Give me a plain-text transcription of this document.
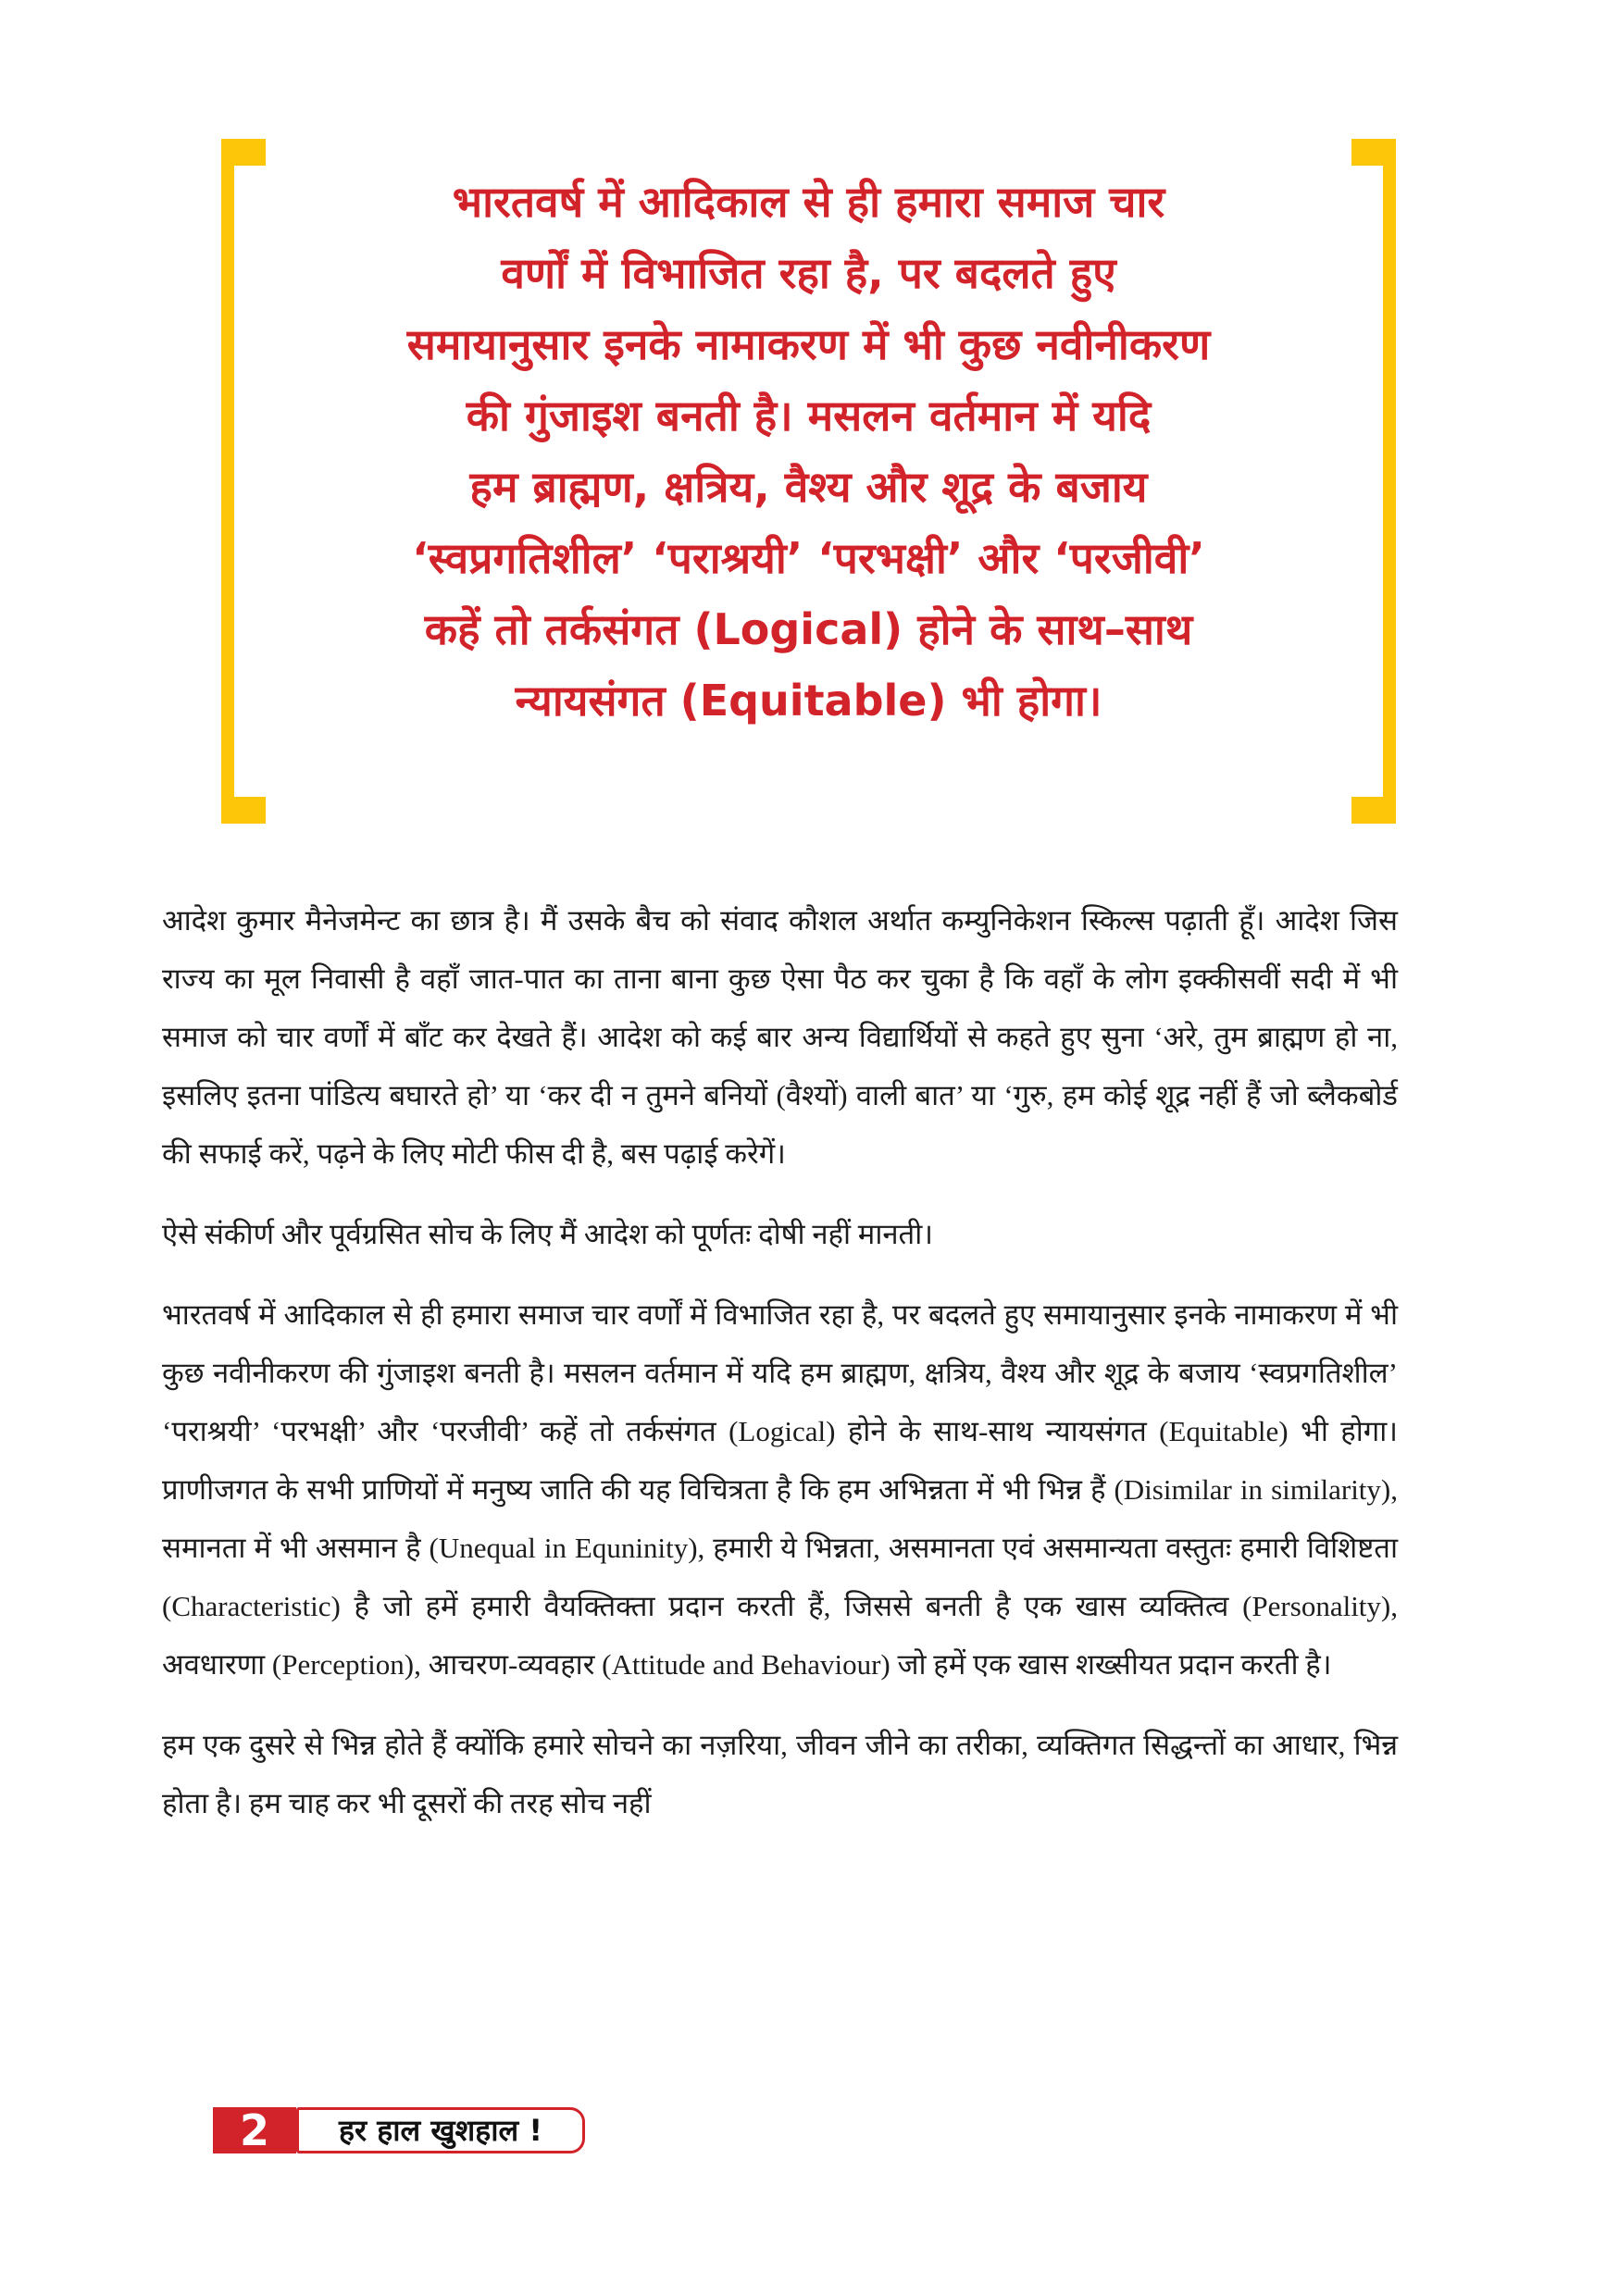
भारतवर्ष में आदिकाल से ही हमारा समाज चार
वर्णों में विभाजित रहा है, पर बदलते हुए
समायानुसार इनके नामाकरण में भी कुछ नवीनीकरण
की गुंजाइश बनती है। मसलन वर्तमान में यदि
हम ब्राह्मण, क्षत्रिय, वैश्य और शूद्र के बजाय
‘स्वप्रगतिशील’ ‘पराश्रयी’ ‘परभक्षी’ और ‘परजीवी’
कहें तो तर्कसंगत (Logical) होने के साथ–साथ
न्यायसंगत (Equitable) भी होगा।

आदेश कुमार मैनेजमेन्ट का छात्र है। मैं उसके बैच को संवाद कौशल अर्थात कम्युनिकेशन स्किल्स पढ़ाती हूँ। आदेश जिस राज्य का मूल निवासी है वहाँ जात-पात का ताना बाना कुछ ऐसा पैठ कर चुका है कि वहाँ के लोग इक्कीसवीं सदी में भी समाज को चार वर्णों में बाँट कर देखते हैं। आदेश को कई बार अन्य विद्यार्थियों से कहते हुए सुना ‘अरे, तुम ब्राह्मण हो ना, इसलिए इतना पांडित्य बघारते हो’ या ‘कर दी न तुमने बनियों (वैश्यों) वाली बात’ या ‘गुरु, हम कोई शूद्र नहीं हैं जो ब्लैकबोर्ड की सफाई करें, पढ़ने के लिए मोटी फीस दी है, बस पढ़ाई करेगें।

ऐसे संकीर्ण और पूर्वग्रसित सोच के लिए मैं आदेश को पूर्णतः दोषी नहीं मानती।

भारतवर्ष में आदिकाल से ही हमारा समाज चार वर्णों में विभाजित रहा है, पर बदलते हुए समायानुसार इनके नामाकरण में भी कुछ नवीनीकरण की गुंजाइश बनती है। मसलन वर्तमान में यदि हम ब्राह्मण, क्षत्रिय, वैश्य और शूद्र के बजाय ‘स्वप्रगतिशील’ ‘पराश्रयी’ ‘परभक्षी’ और ‘परजीवी’ कहें तो तर्कसंगत (Logical) होने के साथ-साथ न्यायसंगत (Equitable) भी होगा। प्राणीजगत के सभी प्राणियों में मनुष्य जाति की यह विचित्रता है कि हम अभिन्नता में भी भिन्न हैं (Disimilar in similarity), समानता में भी असमान है (Unequal in Equninity), हमारी ये भिन्नता, असमानता एवं असमान्यता वस्तुतः हमारी विशिष्टता (Characteristic) है जो हमें हमारी वैयक्तिक्ता प्रदान करती हैं, जिससे बनती है एक खास व्यक्तित्व (Personality), अवधारणा (Perception), आचरण-व्यवहार (Attitude and Behaviour) जो हमें एक खास शख्सीयत प्रदान करती है।

हम एक दुसरे से भिन्न होते हैं क्योंकि हमारे सोचने का नज़रिया, जीवन जीने का तरीका, व्यक्तिगत सिद्धन्तों का आधार, भिन्न होता है। हम चाह कर भी दूसरों की तरह सोच नहीं

2	हर हाल खुशहाल !
